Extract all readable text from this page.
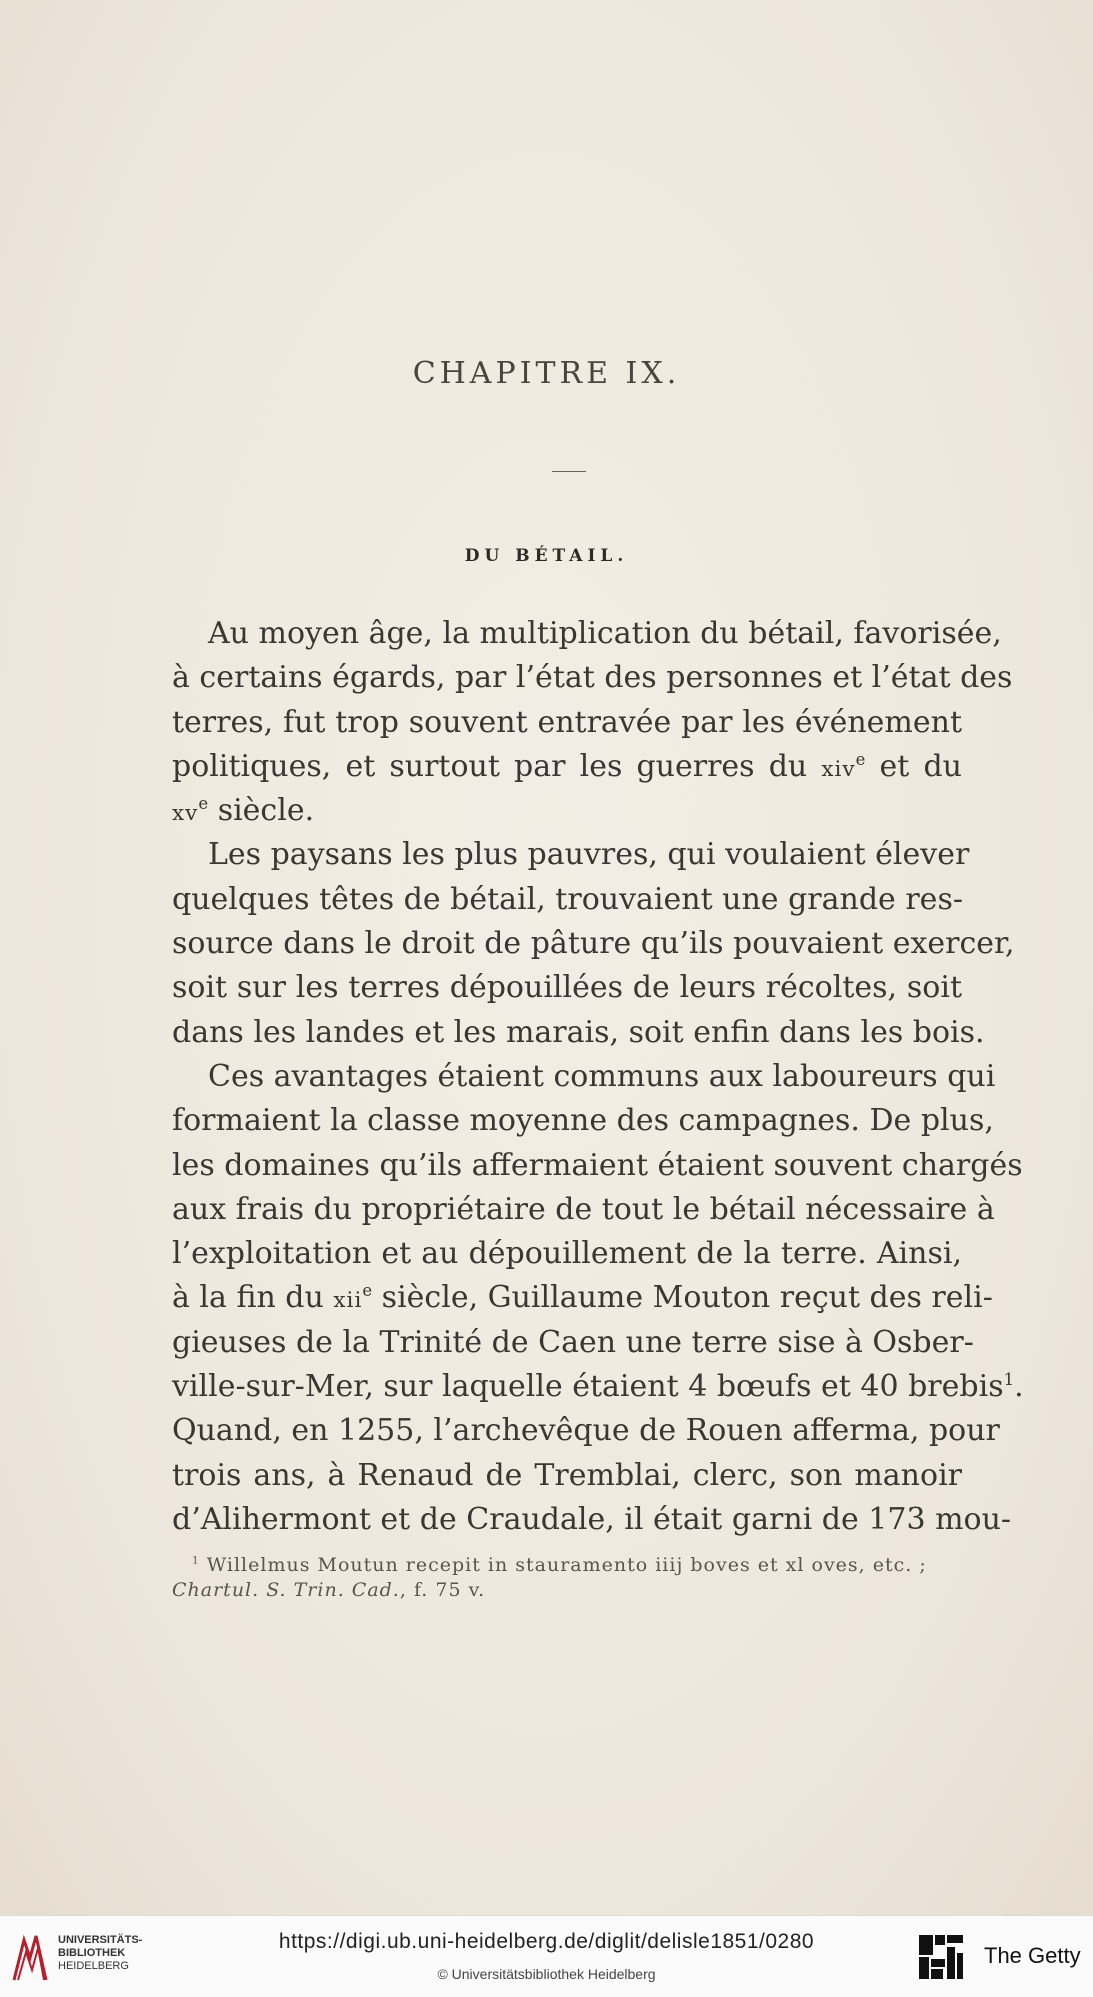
CHAPITRE IX.
DU BÉTAIL.
Au moyen âge, la multiplication du bétail, favorisée,
à certains égards, par l’état des personnes et l’état des
terres, fut trop souvent entravée par les événement
politiques, et surtout par les guerres du xiv$^e$ et du
$xv^e$ siècle.
Les paysans les plus pauvres, qui voulaient élever
quelques têtes de bétail, trouvaient une grande res-
source dans le droit de pâture qu’ils pouvaient exercer,
soit sur les terres dépouillées de leurs récoltes, soit
dans les landes et les marais, soit enfin dans les bois.
Ces avantages étaient communs aux laboureurs qui
formaient la classe moyenne des campagnes. De plus,
les domaines qu’ils affermaient étaient souvent chargés
aux frais du propriétaire de tout le bétail nécessaire à
l’exploitation et au dépouillement de la terre. Ainsi,
à la fin du xii$^e$ siècle, Guillaume Mouton reçut des reli-
gieuses de la Trinité de Caen une terre sise à Osber-
ville-sur-Mer, sur laquelle étaient 4 bœufs et 40 brebis$^1$.
Quand, en 1255, l’archevêque de Rouen afferma, pour
trois ans, à Renaud de Tremblai, clerc, son manoir
d’Alihermont et de Craudale, il était garni de 173 mou-
$^1$ Willelmus Moutun recepit in stauramento iiij boves et xl oves, etc. ;
Chartul. S. Trin. Cad., f. 75 v.
UNIVERSITÄTS-
BIBLIOTHEK
HEIDELBERG
https://digi.ub.uni-heidelberg.de/diglit/delisle1851/0280
© Universitätsbibliothek Heidelberg
The Getty
